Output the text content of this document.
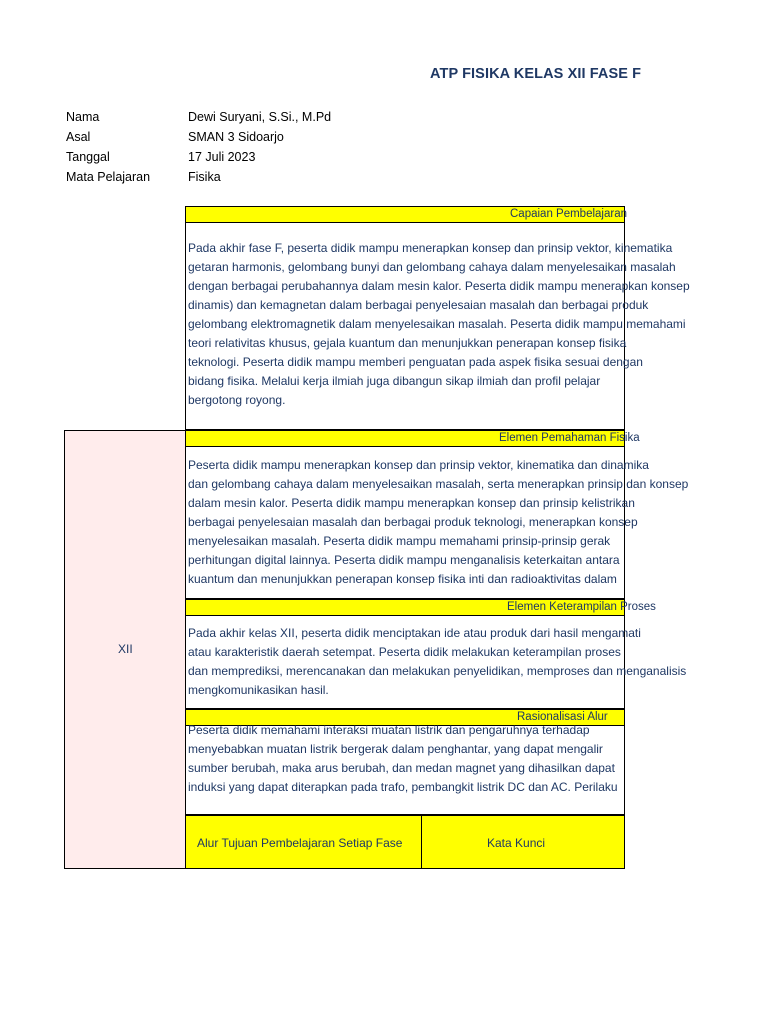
ATP FISIKA KELAS XII FASE F
Nama	Dewi Suryani, S.Si., M.Pd
Asal	SMAN 3 Sidoarjo
Tanggal	17 Juli 2023
Mata Pelajaran	Fisika
Capaian Pembelajaran
Pada akhir fase F, peserta didik mampu menerapkan konsep dan prinsip vektor, kinematika
getaran harmonis, gelombang bunyi dan gelombang cahaya dalam menyelesaikan masalah
dengan berbagai perubahannya dalam mesin kalor. Peserta didik mampu menerapkan konsep
dinamis) dan kemagnetan dalam berbagai penyelesaian masalah dan berbagai produk
gelombang elektromagnetik dalam menyelesaikan masalah. Peserta didik mampu memahami
teori relativitas khusus, gejala kuantum dan menunjukkan penerapan konsep fisika
teknologi. Peserta didik mampu memberi penguatan pada aspek fisika sesuai dengan
bidang fisika. Melalui kerja ilmiah juga dibangun sikap ilmiah dan profil pelajar
bergotong royong.
XII
Elemen Pemahaman Fisika
Peserta didik mampu menerapkan konsep dan prinsip vektor, kinematika dan dinamika
dan gelombang cahaya dalam menyelesaikan masalah, serta menerapkan prinsip dan konsep
dalam mesin kalor. Peserta didik mampu menerapkan konsep dan prinsip kelistrikan
berbagai penyelesaian masalah dan berbagai produk teknologi, menerapkan konsep
menyelesaikan masalah. Peserta didik mampu memahami prinsip-prinsip gerak
perhitungan digital lainnya. Peserta didik mampu menganalisis keterkaitan antara
kuantum dan menunjukkan penerapan konsep fisika inti dan radioaktivitas dalam
Elemen Keterampilan Proses
Pada akhir kelas XII, peserta didik menciptakan ide atau produk dari hasil mengamati
atau karakteristik daerah setempat. Peserta didik melakukan keterampilan proses
dan memprediksi, merencanakan dan melakukan penyelidikan, memproses dan menganalisis
mengkomunikasikan hasil.
Rasionalisasi Alur
Peserta didik memahami interaksi muatan listrik dan pengaruhnya terhadap
menyebabkan muatan listrik bergerak dalam penghantar, yang dapat mengalir
sumber berubah, maka arus berubah, dan medan magnet yang dihasilkan dapat
induksi yang dapat diterapkan pada trafo, pembangkit listrik DC dan AC. Perilaku
Alur Tujuan Pembelajaran Setiap Fase	Kata Kunci
